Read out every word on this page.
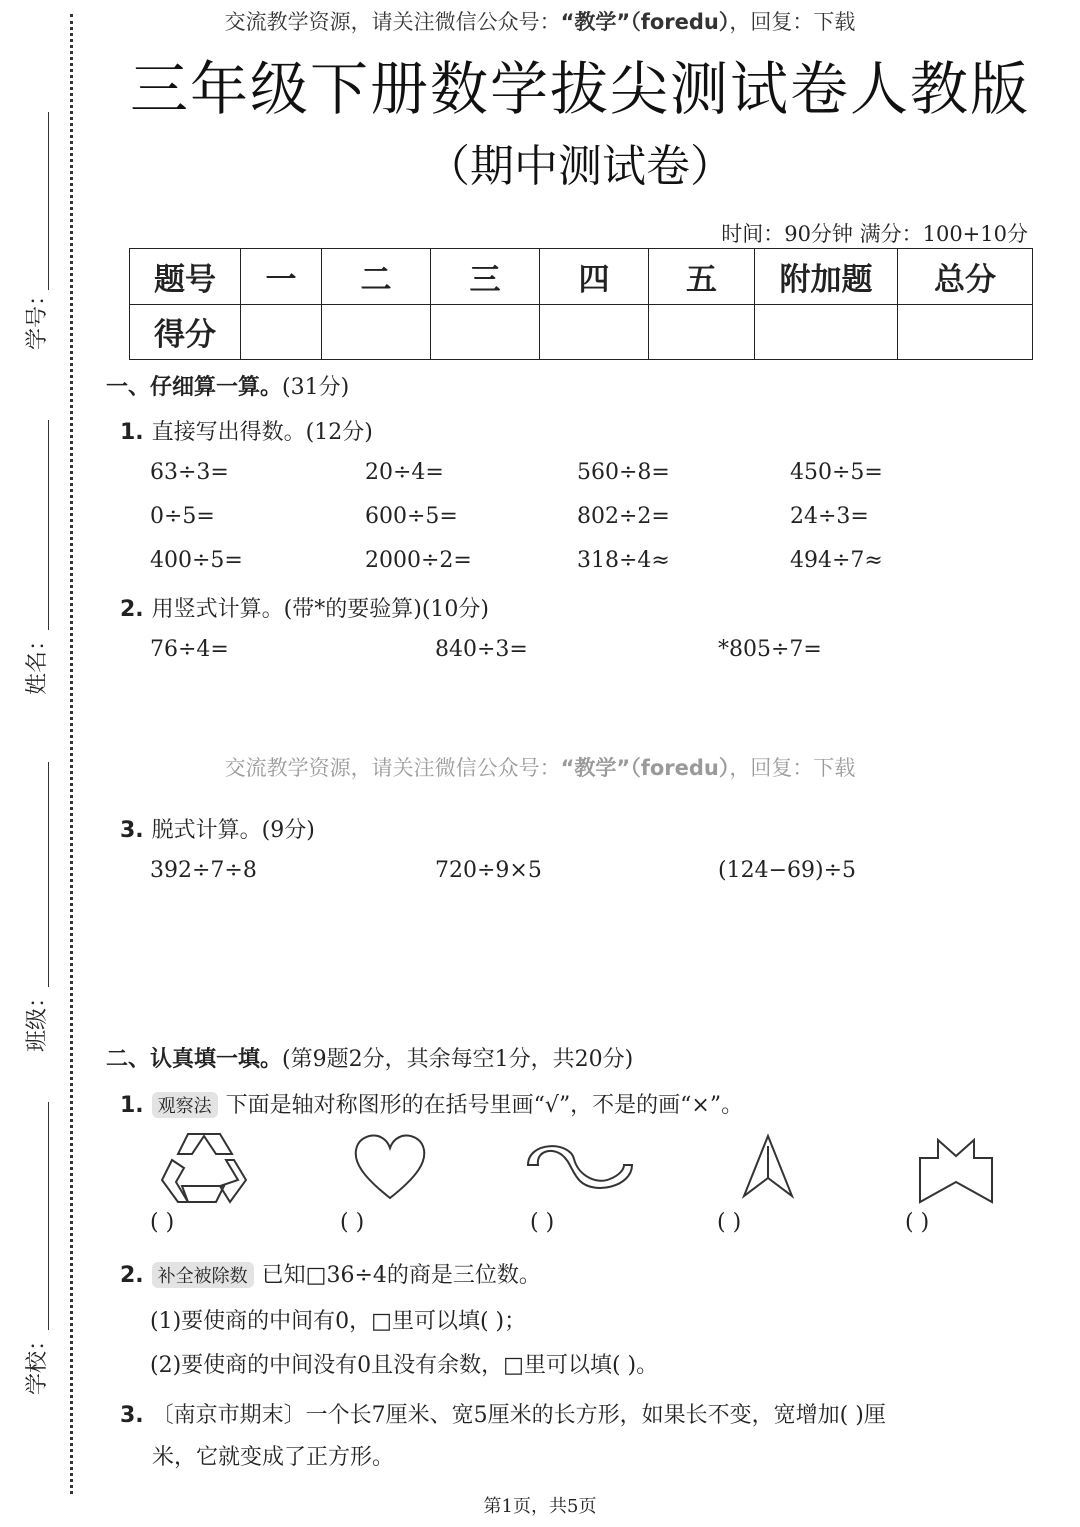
交流教学资源，请关注微信公众号：“教学”（foredu），回复：下载
三年级下册数学拔尖测试卷人教版
（期中测试卷）
时间：90分钟 满分：100+10分
题号	一	二	三	四	五	附加题	总分
得分							
学号：
姓名：
班级：
学校：
一、仔细算一算。(31分)
1. 直接写出得数。(12分)
63÷3=	20÷4=	560÷8=	450÷5=
0÷5=	600÷5=	802÷2=	24÷3=
400÷5=	2000÷2=	318÷4≈	494÷7≈
2. 用竖式计算。(带*的要验算)(10分)
76÷4=	840÷3=	*805÷7=
交流教学资源，请关注微信公众号：“教学”（foredu），回复：下载
3. 脱式计算。(9分)
392÷7÷8	720÷9×5	(124−69)÷5
二、认真填一填。(第9题2分，其余每空1分，共20分)
1. 观察法 下面是轴对称图形的在括号里画“√”，不是的画“×”。
( )	( )	( )	( )	( )
2. 补全被除数 已知□36÷4的商是三位数。
(1)要使商的中间有0，□里可以填( )；
(2)要使商的中间没有0且没有余数，□里可以填( )。
3. 〔南京市期末〕一个长7厘米、宽5厘米的长方形，如果长不变，宽增加( )厘
米，它就变成了正方形。
第1页，共5页
